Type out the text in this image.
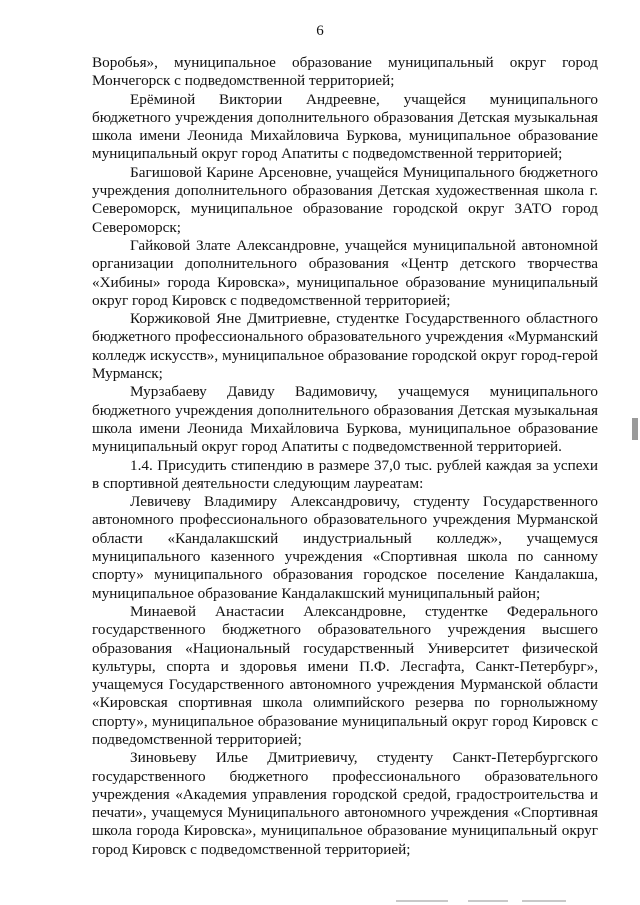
6

Воробья», муниципальное образование муниципальный округ город Мончегорск с подведомственной территорией;

Ерёминой Виктории Андреевне, учащейся муниципального бюджетного учреждения дополнительного образования Детская музыкальная школа имени Леонида Михайловича Буркова, муниципальное образование муниципальный округ город Апатиты с подведомственной территорией;

Багишовой Карине Арсеновне, учащейся Муниципального бюджетного учреждения дополнительного образования Детская художественная школа г. Североморск, муниципальное образование городской округ ЗАТО город Североморск;

Гайковой Злате Александровне, учащейся муниципальной автономной организации дополнительного образования «Центр детского творчества «Хибины» города Кировска», муниципальное образование муниципальный округ город Кировск с подведомственной территорией;

Коржиковой Яне Дмитриевне, студентке Государственного областного бюджетного профессионального образовательного учреждения «Мурманский колледж искусств», муниципальное образование городской округ город-герой Мурманск;

Мурзабаеву Давиду Вадимовичу, учащемуся муниципального бюджетного учреждения дополнительного образования Детская музыкальная школа имени Леонида Михайловича Буркова, муниципальное образование муниципальный округ город Апатиты с подведомственной территорией.

1.4. Присудить стипендию в размере 37,0 тыс. рублей каждая за успехи в спортивной деятельности следующим лауреатам:

Левичеву Владимиру Александровичу, студенту Государственного автономного профессионального образовательного учреждения Мурманской области «Кандалакшский индустриальный колледж», учащемуся муниципального казенного учреждения «Спортивная школа по санному спорту» муниципального образования городское поселение Кандалакша, муниципальное образование Кандалакшский муниципальный район;

Минаевой Анастасии Александровне, студентке Федерального государственного бюджетного образовательного учреждения высшего образования «Национальный государственный Университет физической культуры, спорта и здоровья имени П.Ф. Лесгафта, Санкт-Петербург», учащемуся Государственного автономного учреждения Мурманской области «Кировская спортивная школа олимпийского резерва по горнолыжному спорту», муниципальное образование муниципальный округ город Кировск с подведомственной территорией;

Зиновьеву Илье Дмитриевичу, студенту Санкт-Петербургского государственного бюджетного профессионального образовательного учреждения «Академия управления городской средой, градостроительства и печати», учащемуся Муниципального автономного учреждения «Спортивная школа города Кировска», муниципальное образование муниципальный округ город Кировск с подведомственной территорией;
